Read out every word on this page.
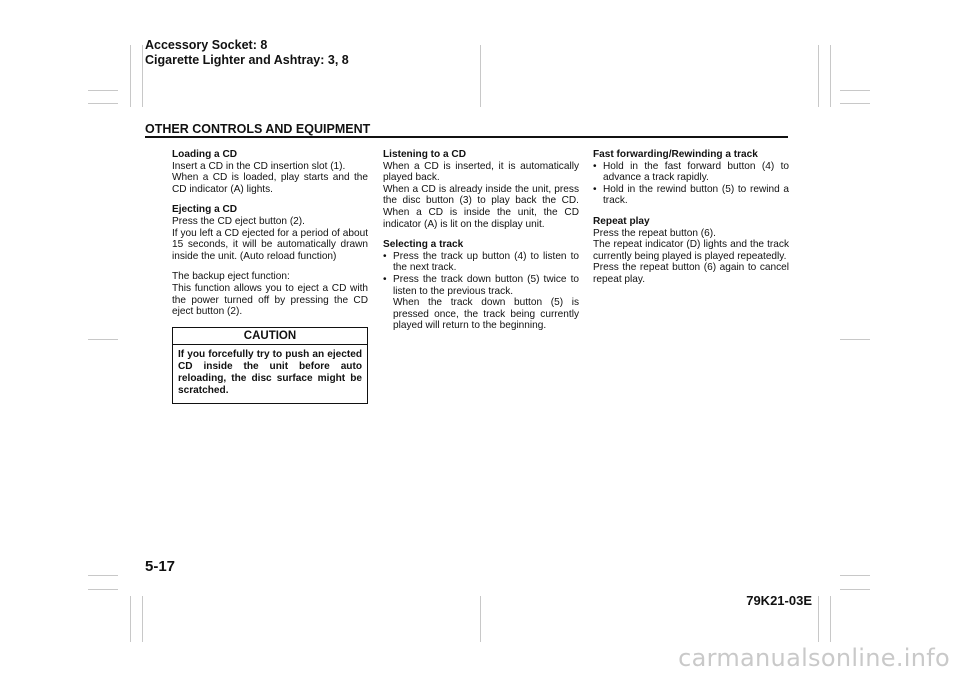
Accessory Socket: 8
Cigarette Lighter and Ashtray: 3, 8
OTHER CONTROLS AND EQUIPMENT

Loading a CD

Insert a CD in the CD insertion slot (1).

When a CD is loaded, play starts and the CD indicator (A) lights.

Ejecting a CD

Press the CD eject button (2).

If you left a CD ejected for a period of about 15 seconds, it will be automatically drawn inside the unit. (Auto reload function)

The backup eject function:

This function allows you to eject a CD with the power turned off by pressing the CD eject button (2).

CAUTION
If you forcefully try to push an ejected CD inside the unit before auto reloading, the disc surface might be scratched.

Listening to a CD

When a CD is inserted, it is automatically played back.

When a CD is already inside the unit, press the disc button (3) to play back the CD. When a CD is inside the unit, the CD indicator (A) is lit on the display unit.

Selecting a track

• Press the track up button (4) to listen to the next track.

• Press the track down button (5) twice to listen to the previous track.

When the track down button (5) is pressed once, the track being currently played will return to the beginning.

Fast forwarding/Rewinding a track

• Hold in the fast forward button (4) to advance a track rapidly.

• Hold in the rewind button (5) to rewind a track.

Repeat play

Press the repeat button (6).

The repeat indicator (D) lights and the track currently being played is played repeatedly.

Press the repeat button (6) again to cancel repeat play.

5-17
79K21-03E
carmanualsonline.info
